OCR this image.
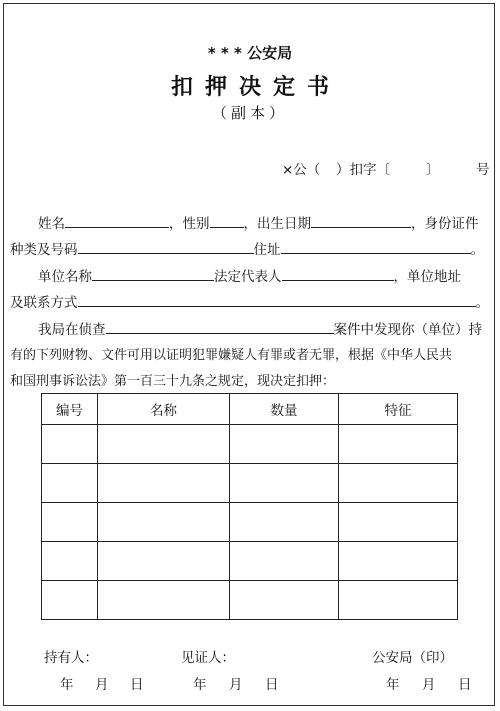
* * * 公安局
扣押决定书
（副本）
×公（ ）扣字〔	〕	号
姓名	，性别	，出生日期	，身份证件
种类及号码	住址	。
单位名称	法定代表人	，单位地址
及联系方式	。
我局在侦查	案件中发现你（单位）持
有的下列财物、文件可用以证明犯罪嫌疑人有罪或者无罪，根据《中华人民共
和国刑事诉讼法》第一百三十九条之规定，现决定扣押：
编号	名称	数量	特征

持有人：	见证人：	公安局（印）
年 月 日	年 月 日	年 月 日
